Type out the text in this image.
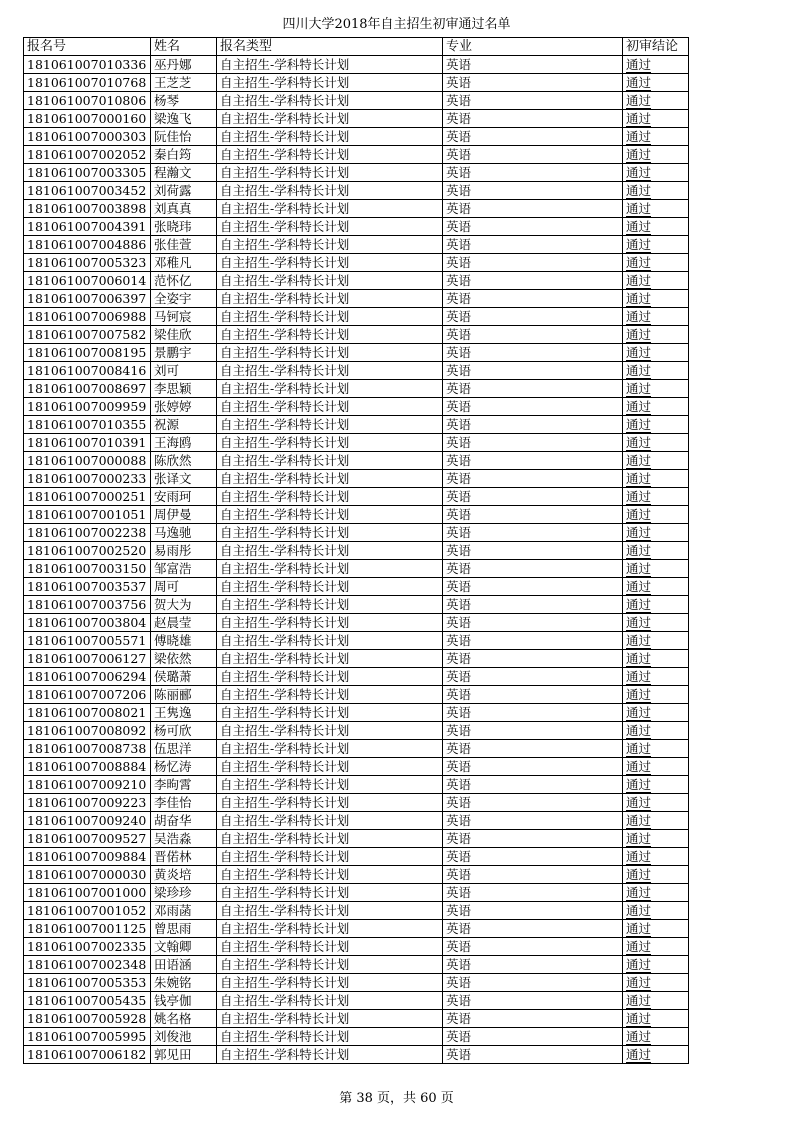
四川大学2018年自主招生初审通过名单
报名号	姓名	报名类型	专业	初审结论
181061007010336	巫丹娜	自主招生-学科特长计划	英语	通过
181061007010768	王芝芝	自主招生-学科特长计划	英语	通过
181061007010806	杨琴	自主招生-学科特长计划	英语	通过
181061007000160	梁逸飞	自主招生-学科特长计划	英语	通过
181061007000303	阮佳怡	自主招生-学科特长计划	英语	通过
181061007002052	秦白筠	自主招生-学科特长计划	英语	通过
181061007003305	程瀚文	自主招生-学科特长计划	英语	通过
181061007003452	刘荷露	自主招生-学科特长计划	英语	通过
181061007003898	刘真真	自主招生-学科特长计划	英语	通过
181061007004391	张晓玮	自主招生-学科特长计划	英语	通过
181061007004886	张佳萱	自主招生-学科特长计划	英语	通过
181061007005323	邓稚凡	自主招生-学科特长计划	英语	通过
181061007006014	范怀亿	自主招生-学科特长计划	英语	通过
181061007006397	全姿宇	自主招生-学科特长计划	英语	通过
181061007006988	马钶宸	自主招生-学科特长计划	英语	通过
181061007007582	梁佳欣	自主招生-学科特长计划	英语	通过
181061007008195	景鹏宇	自主招生-学科特长计划	英语	通过
181061007008416	刘可	自主招生-学科特长计划	英语	通过
181061007008697	李思颖	自主招生-学科特长计划	英语	通过
181061007009959	张婷婷	自主招生-学科特长计划	英语	通过
181061007010355	祝源	自主招生-学科特长计划	英语	通过
181061007010391	王海鸥	自主招生-学科特长计划	英语	通过
181061007000088	陈欣然	自主招生-学科特长计划	英语	通过
181061007000233	张译文	自主招生-学科特长计划	英语	通过
181061007000251	安雨珂	自主招生-学科特长计划	英语	通过
181061007001051	周伊曼	自主招生-学科特长计划	英语	通过
181061007002238	马逸驰	自主招生-学科特长计划	英语	通过
181061007002520	易雨彤	自主招生-学科特长计划	英语	通过
181061007003150	邹富浩	自主招生-学科特长计划	英语	通过
181061007003537	周可	自主招生-学科特长计划	英语	通过
181061007003756	贺大为	自主招生-学科特长计划	英语	通过
181061007003804	赵晨莹	自主招生-学科特长计划	英语	通过
181061007005571	傅晓雄	自主招生-学科特长计划	英语	通过
181061007006127	梁依然	自主招生-学科特长计划	英语	通过
181061007006294	侯璐萧	自主招生-学科特长计划	英语	通过
181061007007206	陈丽郦	自主招生-学科特长计划	英语	通过
181061007008021	王隽逸	自主招生-学科特长计划	英语	通过
181061007008092	杨可欣	自主招生-学科特长计划	英语	通过
181061007008738	伍思洋	自主招生-学科特长计划	英语	通过
181061007008884	杨忆涛	自主招生-学科特长计划	英语	通过
181061007009210	李昫霄	自主招生-学科特长计划	英语	通过
181061007009223	李佳怡	自主招生-学科特长计划	英语	通过
181061007009240	胡奋华	自主招生-学科特长计划	英语	通过
181061007009527	吴浩淼	自主招生-学科特长计划	英语	通过
181061007009884	晋偌林	自主招生-学科特长计划	英语	通过
181061007000030	黄炎培	自主招生-学科特长计划	英语	通过
181061007001000	梁珍珍	自主招生-学科特长计划	英语	通过
181061007001052	邓雨菡	自主招生-学科特长计划	英语	通过
181061007001125	曾思雨	自主招生-学科特长计划	英语	通过
181061007002335	文翰卿	自主招生-学科特长计划	英语	通过
181061007002348	田语涵	自主招生-学科特长计划	英语	通过
181061007005353	朱婉铭	自主招生-学科特长计划	英语	通过
181061007005435	钱亭伽	自主招生-学科特长计划	英语	通过
181061007005928	姚名格	自主招生-学科特长计划	英语	通过
181061007005995	刘俊池	自主招生-学科特长计划	英语	通过
181061007006182	郭见田	自主招生-学科特长计划	英语	通过
第 38 页，共 60 页
